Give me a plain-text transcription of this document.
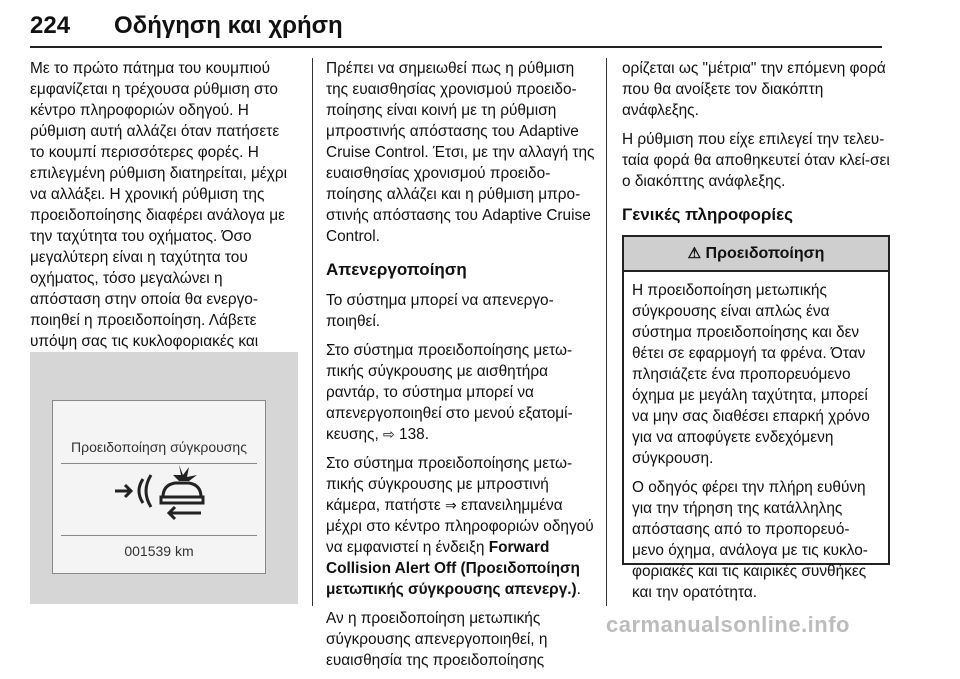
224 Οδήγηση και χρήση

Με το πρώτο πάτημα του κουμπιού εμφανίζεται η τρέχουσα ρύθμιση στο κέντρο πληροφοριών οδηγού. Η ρύθμιση αυτή αλλάζει όταν πατήσετε το κουμπί περισσότερες φορές. Η επιλεγμένη ρύθμιση διατηρείται, μέχρι να αλλάξει. Η χρονική ρύθμιση της προειδοποίησης διαφέρει ανάλογα με την ταχύτητα του οχήματος. Όσο μεγαλύτερη είναι η ταχύτητα του οχήματος, τόσο μεγαλώνει η απόσταση στην οποία θα ενεργο-ποιηθεί η προειδοποίηση. Λάβετε υπόψη σας τις κυκλοφοριακές και

Προειδοποίηση σύγκρουσης
001539 km

Πρέπει να σημειωθεί πως η ρύθμιση της ευαισθησίας χρονισμού προειδο-ποίησης είναι κοινή με τη ρύθμιση μπροστινής απόστασης του Adaptive Cruise Control. Έτσι, με την αλλαγή της ευαισθησίας χρονισμού προειδο-ποίησης αλλάζει και η ρύθμιση μπρο-στινής απόστασης του Adaptive Cruise Control.

Απενεργοποίηση

Το σύστημα μπορεί να απενεργο-ποιηθεί.

Στο σύστημα προειδοποίησης μετω-πικής σύγκρουσης με αισθητήρα ραντάρ, το σύστημα μπορεί να απενεργοποιηθεί στο μενού εξατομί-κευσης, ⇨ 138.

Στο σύστημα προειδοποίησης μετω-πικής σύγκρουσης με μπροστινή κάμερα, πατήστε ⇒ επανειλημμένα μέχρι στο κέντρο πληροφοριών οδηγού να εμφανιστεί η ένδειξη Forward Collision Alert Off (Προειδοποίηση μετωπικής σύγκρουσης απενεργ.).

Αν η προειδοποίηση μετωπικής σύγκρουσης απενεργοποιηθεί, η ευαισθησία της προειδοποίησης

ορίζεται ως "μέτρια" την επόμενη φορά που θα ανοίξετε τον διακόπτη ανάφλεξης.

Η ρύθμιση που είχε επιλεγεί την τελευ-ταία φορά θα αποθηκευτεί όταν κλεί-σει ο διακόπτης ανάφλεξης.

Γενικές πληροφορίες
⚠ Προειδοποίηση

Η προειδοποίηση μετωπικής σύγκρουσης είναι απλώς ένα σύστημα προειδοποίησης και δεν θέτει σε εφαρμογή τα φρένα. Όταν πλησιάζετε ένα προπορευόμενο όχημα με μεγάλη ταχύτητα, μπορεί να μην σας διαθέσει επαρκή χρόνο για να αποφύγετε ενδεχόμενη σύγκρουση.

Ο οδηγός φέρει την πλήρη ευθύνη για την τήρηση της κατάλληλης απόστασης από το προπορευό-μενο όχημα, ανάλογα με τις κυκλο-φοριακές και τις καιρικές συνθήκες και την ορατότητα.

carmanualsonline.info
